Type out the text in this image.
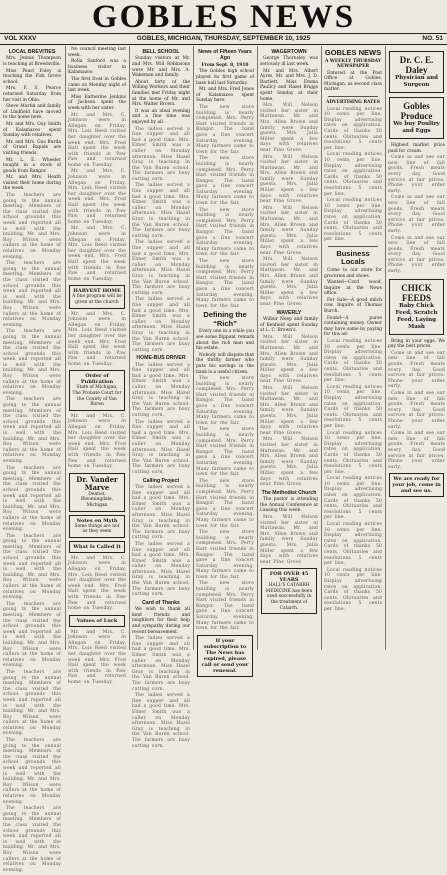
GOBLES NEWS
VOL XXXV	GOBLES, MICHIGAN, THURSDAY, SEPTEMBER 10, 1925	NO. 51
LOCAL BREVITIES
Mrs. Jennie Thompson is teaching at Breedsville.
Miss Pearl Foley is teaching the Fisk Grove school.
Mrs. F. S. Pearce returned Saturday from her visit in Ohio.
Steve Martin and family of Lindfield have moved to the home here.
Mr. and Mrs. Guy Smith of Kalamazoo spent Sunday with relatives.
Mr. and Mrs. Gus Burda of Grand Rapids are visiting friends.
Mr. L. E. Wheeler bought in a stock of goods from Bangor.
Mr. and Mrs. Heath visited their home during the week.
The teachers are going to the annual meeting. Members of the class visited the school grounds this week and reported all is well with the building. Mr. and Mrs. Roy Wilson were callers at the home of relatives on Monday evening.
The teachers are going to the annual meeting. Members of the class visited the school grounds this week and reported all is well with the building. Mr. and Mrs. Roy Wilson were callers at the home of relatives on Monday evening.
The teachers are going to the annual meeting. Members of the class visited the school grounds this week and reported all is well with the building. Mr. and Mrs. Roy Wilson were callers at the home of relatives on Monday evening.
The teachers are going to the annual meeting. Members of the class visited the school grounds this week and reported all is well with the building. Mr. and Mrs. Roy Wilson were callers at the home of relatives on Monday evening.
The teachers are going to the annual meeting. Members of the class visited the school grounds this week and reported all is well with the building. Mr. and Mrs. Roy Wilson were callers at the home of relatives on Monday evening.
The teachers are going to the annual meeting. Members of the class visited the school grounds this week and reported all is well with the building. Mr. and Mrs. Roy Wilson were callers at the home of relatives on Monday evening.
The teachers are going to the annual meeting. Members of the class visited the school grounds this week and reported all is well with the building. Mr. and Mrs. Roy Wilson were callers at the home of relatives on Monday evening.
The teachers are going to the annual meeting. Members of the class visited the school grounds this week and reported all is well with the building. Mr. and Mrs. Roy Wilson were callers at the home of relatives on Monday evening.
The teachers are going to the annual meeting. Members of the class visited the school grounds this week and reported all is well with the building. Mr. and Mrs. Roy Wilson were callers at the home of relatives on Monday evening.
The teachers are going to the annual meeting. Members of the class visited the school grounds this week and reported all is well with the building. Mr. and Mrs. Roy Wilson were callers at the home of relatives on Monday evening.
No council meeting last week.
Rolla Sanford was a business visitor in Kalamazoo.
The first frost in Gobles came on Monday night of last week.
Miss Katherine Jenkins of Jackson spent the week with her sister.
Mr. and Mrs. C. Johnson were in Allegan on Friday. Mrs. Lois Reed visited her daughter over the week end. Mrs. Fred Hall spent the week with friends in Paw Paw and returned home on Tuesday.
Mr. and Mrs. C. Johnson were in Allegan on Friday. Mrs. Lois Reed visited her daughter over the week end. Mrs. Fred Hall spent the week with friends in Paw Paw and returned home on Tuesday.
Mr. and Mrs. C. Johnson were in Allegan on Friday. Mrs. Lois Reed visited her daughter over the week end. Mrs. Fred Hall spent the week with friends in Paw Paw and returned home on Tuesday.
HARVEST HOME
A fine program will be given at the church
Mr. and Mrs. C. Johnson were in Allegan on Friday. Mrs. Lois Reed visited her daughter over the week end. Mrs. Fred Hall spent the week with friends in Paw Paw and returned home on Tuesday.
Order of Publication
State of Michigan, The Probate Court for the County of Van Buren
Mr. and Mrs. C. Johnson were in Allegan on Friday. Mrs. Lois Reed visited her daughter over the week end. Mrs. Fred Hall spent the week with friends in Paw Paw and returned home on Tuesday.
Dr. Vander Marve
Dentist, Bloomingdale, Michigan
Notes on Myth
Some things are not as they seem
What Is Called It
Mr. and Mrs. C. Johnson were in Allegan on Friday. Mrs. Lois Reed visited her daughter over the week end. Mrs. Fred Hall spent the week with friends in Paw Paw and returned home on Tuesday.
Values of Luck
Mr. and Mrs. C. Johnson were in Allegan on Friday. Mrs. Lois Reed visited her daughter over the week end. Mrs. Fred Hall spent the week with friends in Paw Paw and returned home on Tuesday.
BELL SCHOOL
Sunday visitors at Mr. and Mrs. Will Robinsons were Mr. and Mrs. A. Wakeman and family.
About forty of the Willing Workers and their families met Friday night at the home of Mr. and Mrs. Walter Brown.
It was an ideal evening and a fine time was enjoyed by all.
The ladies served a fine supper and all had a good time. Mrs. Elmer Smith was a caller on Monday afternoon. Miss Hazel Gray is teaching in the Van Buren school. The farmers are busy cutting corn.
The ladies served a fine supper and all had a good time. Mrs. Elmer Smith was a caller on Monday afternoon. Miss Hazel Gray is teaching in the Van Buren school. The farmers are busy cutting corn.
The ladies served a fine supper and all had a good time. Mrs. Elmer Smith was a caller on Monday afternoon. Miss Hazel Gray is teaching in the Van Buren school. The farmers are busy cutting corn.
The ladies served a fine supper and all had a good time. Mrs. Elmer Smith was a caller on Monday afternoon. Miss Hazel Gray is teaching in the Van Buren school. The farmers are busy cutting corn.
HOME-BUS DRIVER
The ladies served a fine supper and all had a good time. Mrs. Elmer Smith was a caller on Monday afternoon. Miss Hazel Gray is teaching in the Van Buren school. The farmers are busy cutting corn.
The ladies served a fine supper and all had a good time. Mrs. Elmer Smith was a caller on Monday afternoon. Miss Hazel Gray is teaching in the Van Buren school. The farmers are busy cutting corn.
Calling Project
The ladies served a fine supper and all had a good time. Mrs. Elmer Smith was a caller on Monday afternoon. Miss Hazel Gray is teaching in the Van Buren school. The farmers are busy cutting corn.
The ladies served a fine supper and all had a good time. Mrs. Elmer Smith was a caller on Monday afternoon. Miss Hazel Gray is teaching in the Van Buren school. The farmers are busy cutting corn.
Card of Thanks
We wish to thank all kind friends and neighbors for their help and sympathy during our recent bereavement.
The ladies served a fine supper and all had a good time. Mrs. Elmer Smith was a caller on Monday afternoon. Miss Hazel Gray is teaching in the Van Buren school. The farmers are busy cutting corn.
The ladies served a fine supper and all had a good time. Mrs. Elmer Smith was a caller on Monday afternoon. Miss Hazel Gray is teaching in the Van Buren school. The farmers are busy cutting corn.
News of Fifteen Years Ago
From Sept. 8, 1910
The Gobles high school played its first game of base ball last Saturday.
Mr. and Mrs. Fred Jones of Kalamazoo spent Sunday here.
The new store building is nearly completed. Mrs. Perry Hart visited friends in Bangor. The band gave a fine concert Saturday evening. Many farmers came to town for the fair.
The new store building is nearly completed. Mrs. Perry Hart visited friends in Bangor. The band gave a fine concert Saturday evening. Many farmers came to town for the fair.
The new store building is nearly completed. Mrs. Perry Hart visited friends in Bangor. The band gave a fine concert Saturday evening. Many farmers came to town for the fair.
The new store building is nearly completed. Mrs. Perry Hart visited friends in Bangor. The band gave a fine concert Saturday evening. Many farmers came to town for the fair.
Defining the “Rich”
Every one in a while you see some flippant remark about the rich man and his estate.
Nobody will dispute that the thrifty farmer who puts his savings in the bank is a useful citizen.
The new store building is nearly completed. Mrs. Perry Hart visited friends in Bangor. The band gave a fine concert Saturday evening. Many farmers came to town for the fair.
The new store building is nearly completed. Mrs. Perry Hart visited friends in Bangor. The band gave a fine concert Saturday evening. Many farmers came to town for the fair.
The new store building is nearly completed. Mrs. Perry Hart visited friends in Bangor. The band gave a fine concert Saturday evening. Many farmers came to town for the fair.
The new store building is nearly completed. Mrs. Perry Hart visited friends in Bangor. The band gave a fine concert Saturday evening. Many farmers came to town for the fair.
The new store building is nearly completed. Mrs. Perry Hart visited friends in Bangor. The band gave a fine concert Saturday evening. Many farmers came to town for the fair.
If your subscription to The News has expired, please call or send your renewal.
WAGERTOWN
George Thornsley was seriously ill last week.
Mr. and Mrs. Albert Ayres, Mr. and Mrs. J. D. Bartlett, Miss Emma Paullcy and Hazel Briggs spent Sunday at their home.
Mrs. Will Nelson visited her sister in Mattawan. Mr. and Mrs. Allen Brown and family were Sunday guests. Mrs. Julia Miller spent a few days with relatives near Pine Grove.
Mrs. Will Nelson visited her sister in Mattawan. Mr. and Mrs. Allen Brown and family were Sunday guests. Mrs. Julia Miller spent a few days with relatives near Pine Grove.
Mrs. Will Nelson visited her sister in Mattawan. Mr. and Mrs. Allen Brown and family were Sunday guests. Mrs. Julia Miller spent a few days with relatives near Pine Grove.
Mrs. Will Nelson visited her sister in Mattawan. Mr. and Mrs. Allen Brown and family were Sunday guests. Mrs. Julia Miller spent a few days with relatives near Pine Grove.
WAVERLY
Wilbur Neep and family of Kenfield spent Sunday at L. C. Brown's.
Mrs. Will Nelson visited her sister in Mattawan. Mr. and Mrs. Allen Brown and family were Sunday guests. Mrs. Julia Miller spent a few days with relatives near Pine Grove.
Mrs. Will Nelson visited her sister in Mattawan. Mr. and Mrs. Allen Brown and family were Sunday guests. Mrs. Julia Miller spent a few days with relatives near Pine Grove.
Mrs. Will Nelson visited her sister in Mattawan. Mr. and Mrs. Allen Brown and family were Sunday guests. Mrs. Julia Miller spent a few days with relatives near Pine Grove.
The Methodist Church
The pastor is attending the Annual Conference at Lansing this week.
Mrs. Will Nelson visited her sister in Mattawan. Mr. and Mrs. Allen Brown and family were Sunday guests. Mrs. Julia Miller spent a few days with relatives near Pine Grove.
FOR OVER 45 YEARS
HALL'S CATARRH MEDICINE has been used successfully in the treatment of Catarrh.
GOBLES NEWS
A WEEKLY THURSDAY NEWSPAPER
Entered at the Post Office at Gobles, Michigan, as second class matter.
ADVERTISING RATES
Local reading notices 10 cents per line. Display advertising rates on application. Cards of thanks 50 cents. Obituaries and resolutions 5 cents per line.
Local reading notices 10 cents per line. Display advertising rates on application. Cards of thanks 50 cents. Obituaries and resolutions 5 cents per line.
Local reading notices 10 cents per line. Display advertising rates on application. Cards of thanks 50 cents. Obituaries and resolutions 5 cents per line.
Business Locals
Come to our store for groceries and shoes.
Wanted—Cord wood. Inquire at the News office.
For Sale—A good milch cow. Inquire of Thomas Burch.
Found—A purse containing money. Owner may have same by paying for this ad.
Local reading notices 10 cents per line. Display advertising rates on application. Cards of thanks 50 cents. Obituaries and resolutions 5 cents per line.
Local reading notices 10 cents per line. Display advertising rates on application. Cards of thanks 50 cents. Obituaries and resolutions 5 cents per line.
Local reading notices 10 cents per line. Display advertising rates on application. Cards of thanks 50 cents. Obituaries and resolutions 5 cents per line.
Local reading notices 10 cents per line. Display advertising rates on application. Cards of thanks 50 cents. Obituaries and resolutions 5 cents per line.
Local reading notices 10 cents per line. Display advertising rates on application. Cards of thanks 50 cents. Obituaries and resolutions 5 cents per line.
Local reading notices 10 cents per line. Display advertising rates on application. Cards of thanks 50 cents. Obituaries and resolutions 5 cents per line.
Dr. C. E. Daley
Physician and Surgeon
Gobles Produce
We buy Poultry and Eggs
Highest market price paid for cream.
Come in and see our new line of fall goods. Fresh meats every day. Good service at fair prices. Phone your order early.
Come in and see our new line of fall goods. Fresh meats every day. Good service at fair prices. Phone your order early.
Come in and see our new line of fall goods. Fresh meats every day. Good service at fair prices. Phone your order early.
CHICK FEEDS
Baby Chick Feed, Scratch Feed, Laying Mash
Bring in your eggs. We pay the best prices.
Come in and see our new line of fall goods. Fresh meats every day. Good service at fair prices. Phone your order early.
Come in and see our new line of fall goods. Fresh meats every day. Good service at fair prices. Phone your order early.
Come in and see our new line of fall goods. Fresh meats every day. Good service at fair prices. Phone your order early.
We are ready for your job, come in and see us.
